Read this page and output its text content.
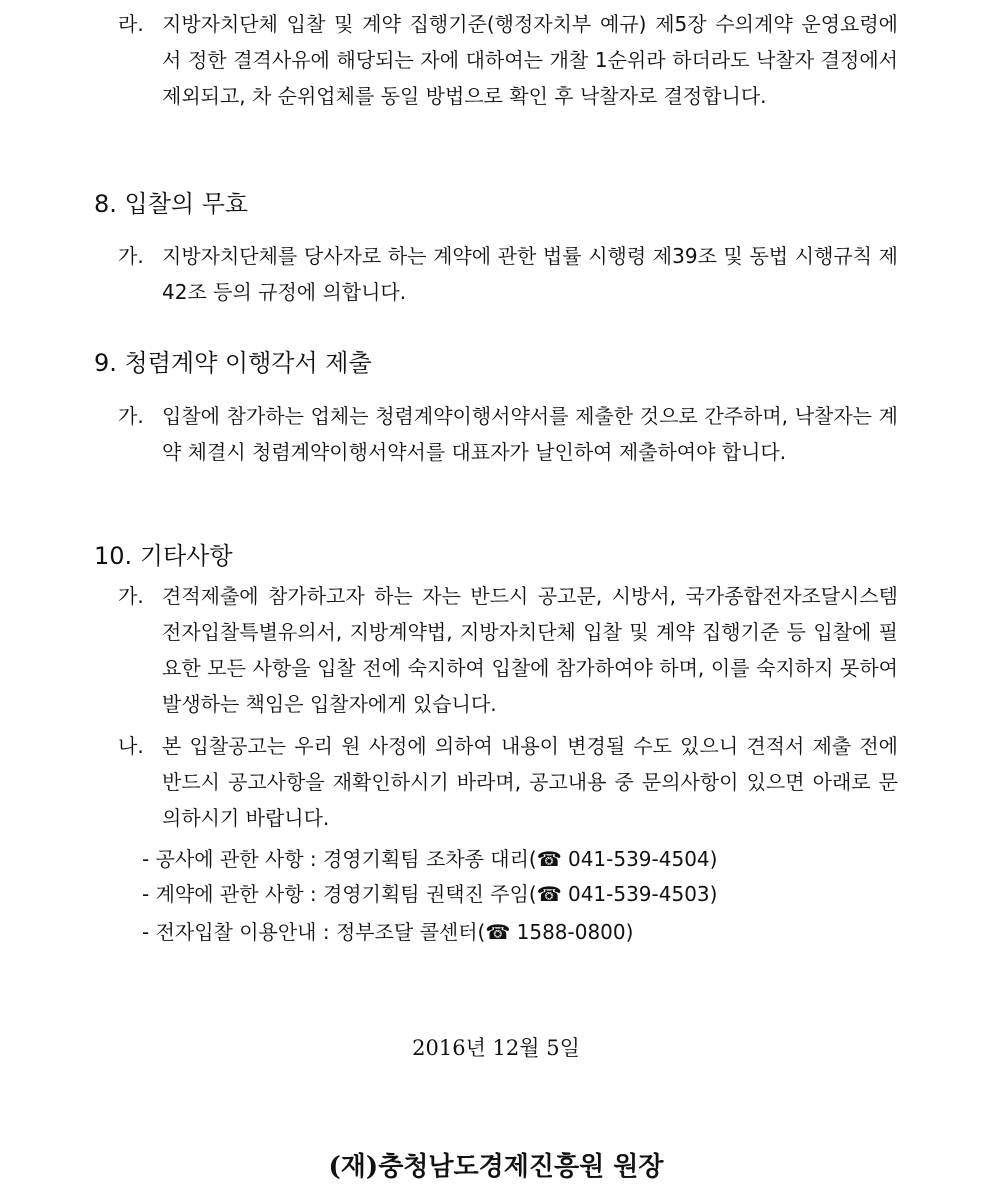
라. 지방자치단체 입찰 및 계약 집행기준(행정자치부 예규) 제5장 수의계약 운영요령에서 정한 결격사유에 해당되는 자에 대하여는 개찰 1순위라 하더라도 낙찰자 결정에서 제외되고, 차 순위업체를 동일 방법으로 확인 후 낙찰자로 결정합니다.
8. 입찰의 무효
가. 지방자치단체를 당사자로 하는 계약에 관한 법률 시행령 제39조 및 동법 시행규칙 제42조 등의 규정에 의합니다.
9. 청렴계약 이행각서 제출
가. 입찰에 참가하는 업체는 청렴계약이행서약서를 제출한 것으로 간주하며, 낙찰자는 계약 체결시 청렴계약이행서약서를 대표자가 날인하여 제출하여야 합니다.
10. 기타사항
가. 견적제출에 참가하고자 하는 자는 반드시 공고문, 시방서, 국가종합전자조달시스템 전자입찰특별유의서, 지방계약법, 지방자치단체 입찰 및 계약 집행기준 등 입찰에 필요한 모든 사항을 입찰 전에 숙지하여 입찰에 참가하여야 하며, 이를 숙지하지 못하여 발생하는 책임은 입찰자에게 있습니다.
나. 본 입찰공고는 우리 원 사정에 의하여 내용이 변경될 수도 있으니 견적서 제출 전에 반드시 공고사항을 재확인하시기 바라며, 공고내용 중 문의사항이 있으면 아래로 문의하시기 바랍니다.
- 공사에 관한 사항 : 경영기획팀 조차종 대리(☎ 041-539-4504)
- 계약에 관한 사항 : 경영기획팀 권택진 주임(☎ 041-539-4503)
- 전자입찰 이용안내 : 정부조달 콜센터(☎ 1588-0800)
2016년 12월 5일
(재)충청남도경제진흥원 원장
